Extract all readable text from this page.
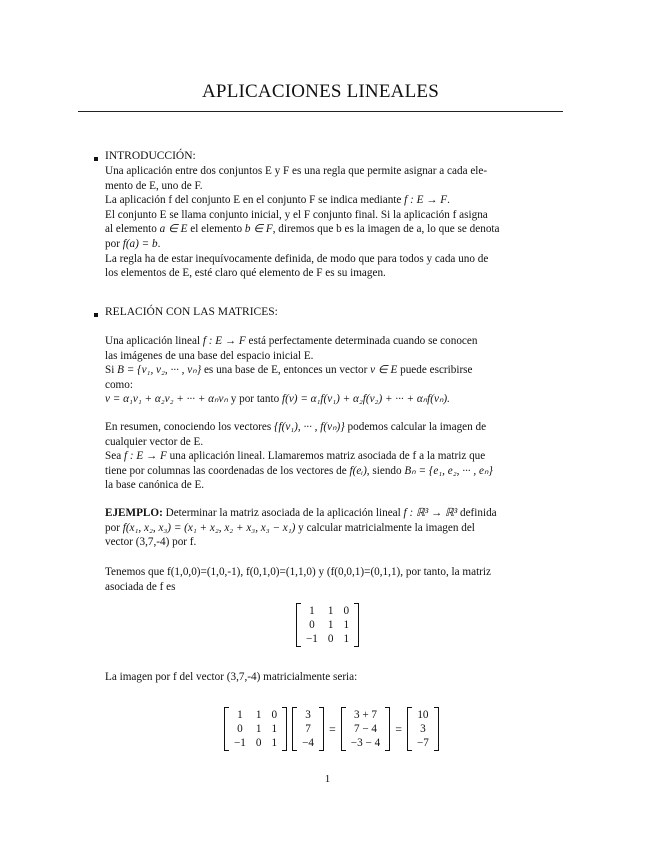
APLICACIONES LINEALES
INTRODUCCIÓN:

Una aplicación entre dos conjuntos E y F es una regla que permite asignar a cada ele-

mento de E, uno de F.

La aplicación f del conjunto E en el conjunto F se indica mediante f : E → F.

El conjunto E se llama conjunto inicial, y el F conjunto final. Si la aplicación f asigna

al elemento a ∈ E el elemento b ∈ F, diremos que b es la imagen de a, lo que se denota

por f(a) = b.

La regla ha de estar inequívocamente definida, de modo que para todos y cada uno de

los elementos de E, esté claro qué elemento de F es su imagen.

RELACIÓN CON LAS MATRICES:

Una aplicación lineal f : E → F está perfectamente determinada cuando se conocen

las imágenes de una base del espacio inicial E.

Si B = {v₁, v₂, ··· , vₙ} es una base de E, entonces un vector v ∈ E puede escribirse

como:

v = α₁v₁ + α₂v₂ + ··· + αₙvₙ y por tanto f(v) = α₁f(v₁) + α₂f(v₂) + ··· + αₙf(vₙ).

En resumen, conociendo los vectores {f(v₁), ··· , f(vₙ)} podemos calcular la imagen de

cualquier vector de E.

Sea f : E → F una aplicación lineal. Llamaremos matriz asociada de f a la matriz que

tiene por columnas las coordenadas de los vectores de f(eᵢ), siendo Bₙ = {e₁, e₂, ··· , eₙ}

la base canónica de E.

EJEMPLO: Determinar la matriz asociada de la aplicación lineal f : ℝ³ → ℝ³ definida

por f(x₁, x₂, x₃) = (x₁ + x₂, x₂ + x₃, x₃ − x₁) y calcular matricialmente la imagen del

vector (3,7,-4) por f.

Tenemos que f(1,0,0)=(1,0,-1), f(0,1,0)=(1,1,0) y (f(0,0,1)=(0,1,1), por tanto, la matriz

asociada de f es

1	1 0
0	1 1
−1 0 1

La imagen por f del vector (3,7,-4) matricialmente seria:

1	1 0
0	1 1
−1 0 1
3
7
−4
=
3 + 7
7 − 4
−3 − 4
=
10
3
−7
1
